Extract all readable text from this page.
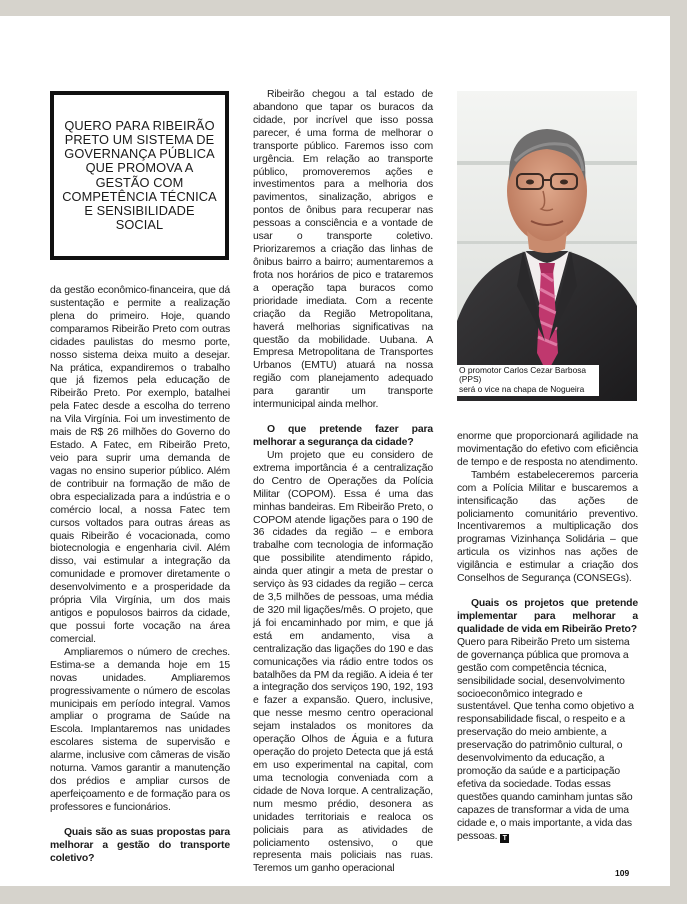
QUERO PARA RIBEIRÃO PRETO UM SISTEMA DE GOVERNANÇA PÚBLICA QUE PROMOVA A GESTÃO COM COMPETÊNCIA TÉCNICA E SENSIBILIDADE SOCIAL

da gestão econômico-financeira, que dá sustentação e permite a realização plena do primeiro. Hoje, quando comparamos Ribeirão Preto com outras cidades paulistas do mesmo porte, nosso sistema deixa muito a desejar. Na prática, expandiremos o trabalho que já fizemos pela educação de Ribeirão Preto. Por exemplo, batalhei pela Fatec desde a escolha do terreno na Vila Virgínia. Foi um investimento de mais de R$ 26 milhões do Governo do Estado. A Fatec, em Ribeirão Preto, veio para suprir uma demanda de vagas no ensino superior público. Além de contribuir na formação de mão de obra especializada para a indústria e o comércio local, a nossa Fatec tem cursos voltados para outras áreas as quais Ribeirão é vocacionada, como biotecnologia e engenharia civil. Além disso, vai estimular a integração da comunidade e promover diretamente o desenvolvimento e a prosperidade da própria Vila Virgínia, um dos mais antigos e populosos bairros da cidade, que possui forte vocação na área comercial.

Ampliaremos o número de creches. Estima-se a demanda hoje em 15 novas unidades. Ampliaremos progressivamente o número de escolas municipais em período integral. Vamos ampliar o programa de Saúde na Escola. Implantaremos nas unidades escolares sistema de supervisão e alarme, inclusive com câmeras de visão noturna. Vamos garantir a manutenção dos prédios e ampliar cursos de aperfeiçoamento e de formação para os professores e funcionários.

Quais são as suas propostas para melhorar a gestão do transporte coletivo?

Ribeirão chegou a tal estado de abandono que tapar os buracos da cidade, por incrível que isso possa parecer, é uma forma de melhorar o transporte público. Faremos isso com urgência. Em relação ao transporte público, promoveremos ações e investimentos para a melhoria dos pavimentos, sinalização, abrigos e pontos de ônibus para recuperar nas pessoas a consciência e a vontade de usar o transporte coletivo. Priorizaremos a criação das linhas de ônibus bairro a bairro; aumentaremos a frota nos horários de pico e trataremos a operação tapa buracos como prioridade imediata. Com a recente criação da Região Metropolitana, haverá melhorias significativas na questão da mobilidade. Uubana. A Empresa Metropolitana de Transportes Urbanos (EMTU) atuará na nossa região com planejamento adequado para garantir um transporte intermunicipal ainda melhor.

O que pretende fazer para melhorar a segurança da cidade?

Um projeto que eu considero de extrema importância é a centralização do Centro de Operações da Polícia Militar (COPOM). Essa é uma das minhas bandeiras. Em Ribeirão Preto, o COPOM atende ligações para o 190 de 36 cidades da região – e embora trabalhe com tecnologia de informação que possibilite atendimento rápido, ainda quer atingir a meta de prestar o serviço às 93 cidades da região – cerca de 3,5 milhões de pessoas, uma média de 320 mil ligações/mês. O projeto, que já foi encaminhado por mim, e que já está em andamento, visa a centralização das ligações do 190 e das comunicações via rádio entre todos os batalhões da PM da região. A ideia é ter a integração dos serviços 190, 192, 193 e fazer a expansão. Quero, inclusive, que nesse mesmo centro operacional sejam instalados os monitores da operação Olhos de Águia e a futura operação do projeto Detecta que já está em uso experimental na capital, com uma tecnologia conveniada com a cidade de Nova Iorque. A centralização, num mesmo prédio, desonera as unidades territoriais e realoca os policiais para as atividades de policiamento ostensivo, o que representa mais policiais nas ruas. Teremos um ganho operacional

O promotor Carlos Cezar Barbosa (PPS)
será o vice na chapa de Nogueira

enorme que proporcionará agilidade na movimentação do efetivo com eficiência de tempo e de resposta no atendimento.

Também estabeleceremos parceria com a Polícia Militar e buscaremos a intensificação das ações de policiamento comunitário preventivo. Incentivaremos a multiplicação dos programas Vizinhança Solidária – que articula os vizinhos nas ações de vigilância e estimular a criação dos Conselhos de Segurança (CONSEGs).

Quais os projetos que pretende implementar para melhorar a qualidade de vida em Ribeirão Preto?

Quero para Ribeirão Preto um sistema de governança pública que promova a gestão com competência técnica, sensibilidade social, desenvolvimento socioeconômico integrado e sustentável. Que tenha como objetivo a responsabilidade fiscal, o respeito e a preservação do meio ambiente, a preservação do patrimônio cultural, o desenvolvimento da educação, a promoção da saúde e a participação efetiva da sociedade. Todas essas questões quando caminham juntas são capazes de transformar a vida de uma cidade e, o mais importante, a vida das pessoas. T

109
